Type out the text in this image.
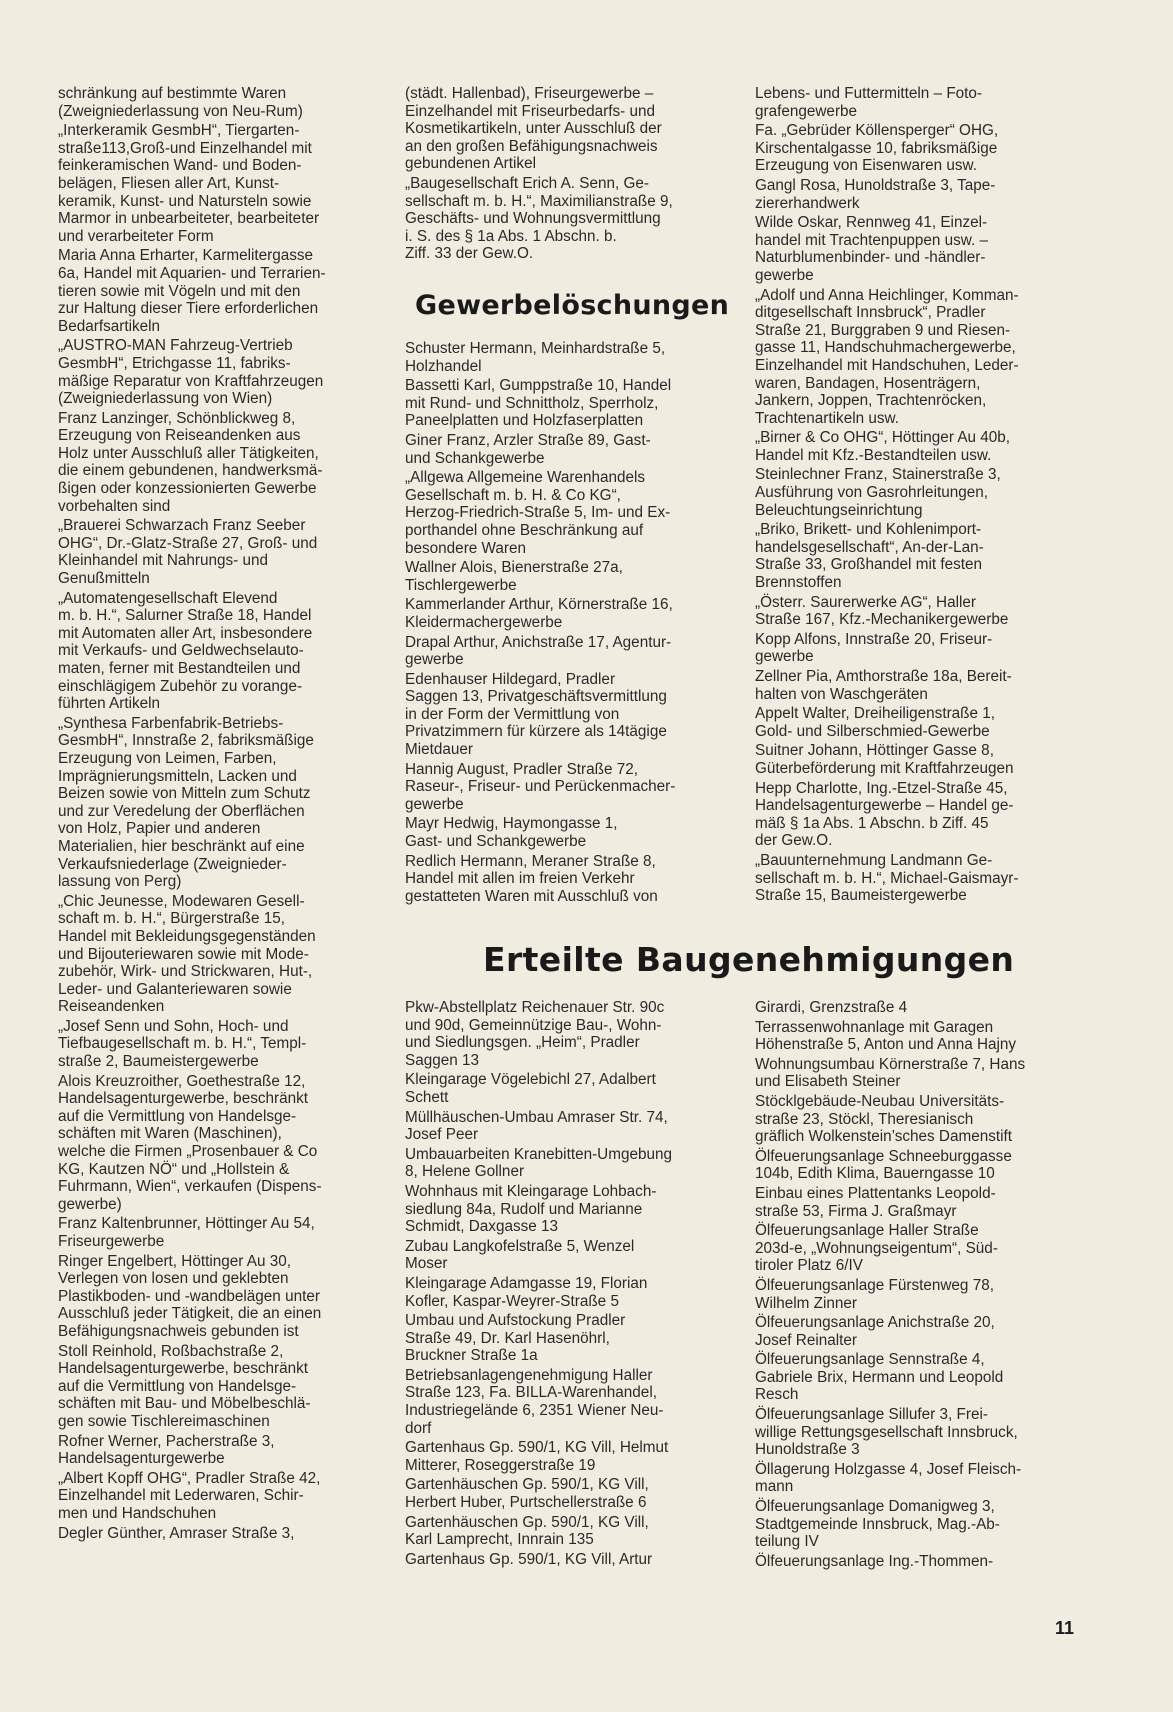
schränkung auf bestimmte Waren
(Zweigniederlassung von Neu-Rum)

„Interkeramik GesmbH“, Tiergarten-
straße113,Groß-und Einzelhandel mit
feinkeramischen Wand- und Boden-
belägen, Fliesen aller Art, Kunst-
keramik, Kunst- und Natursteln sowie
Marmor in unbearbeiteter, bearbeiteter
und verarbeiteter Form

Maria Anna Erharter, Karmelitergasse
6a, Handel mit Aquarien- und Terrarien-
tieren sowie mit Vögeln und mit den
zur Haltung dieser Tiere erforderlichen
Bedarfsartikeln

„AUSTRO-MAN Fahrzeug-Vertrieb
GesmbH“, Etrichgasse 11, fabriks-
mäßige Reparatur von Kraftfahrzeugen
(Zweigniederlassung von Wien)

Franz Lanzinger, Schönblickweg 8,
Erzeugung von Reiseandenken aus
Holz unter Ausschluß aller Tätigkeiten,
die einem gebundenen, handwerksmä-
ßigen oder konzessionierten Gewerbe
vorbehalten sind

„Brauerei Schwarzach Franz Seeber
OHG“, Dr.-Glatz-Straße 27, Groß- und
Kleinhandel mit Nahrungs- und
Genußmitteln

„Automatengesellschaft Elevend
m. b. H.“, Salurner Straße 18, Handel
mit Automaten aller Art, insbesondere
mit Verkaufs- und Geldwechselauto-
maten, ferner mit Bestandteilen und
einschlägigem Zubehör zu vorange-
führten Artikeln

„Synthesa Farbenfabrik-Betriebs-
GesmbH“, Innstraße 2, fabriksmäßige
Erzeugung von Leimen, Farben,
Imprägnierungsmitteln, Lacken und
Beizen sowie von Mitteln zum Schutz
und zur Veredelung der Oberflächen
von Holz, Papier und anderen
Materialien, hier beschränkt auf eine
Verkaufsniederlage (Zweignieder-
lassung von Perg)

„Chic Jeunesse, Modewaren Gesell-
schaft m. b. H.“, Bürgerstraße 15,
Handel mit Bekleidungsgegenständen
und Bijouteriewaren sowie mit Mode-
zubehör, Wirk- und Strickwaren, Hut-,
Leder- und Galanteriewaren sowie
Reiseandenken

„Josef Senn und Sohn, Hoch- und
Tiefbaugesellschaft m. b. H.“, Templ-
straße 2, Baumeistergewerbe

Alois Kreuzroither, Goethestraße 12,
Handelsagenturgewerbe, beschränkt
auf die Vermittlung von Handelsge-
schäften mit Waren (Maschinen),
welche die Firmen „Prosenbauer & Co
KG, Kautzen NÖ“ und „Hollstein &
Fuhrmann, Wien“, verkaufen (Dispens-
gewerbe)

Franz Kaltenbrunner, Höttinger Au 54,
Friseurgewerbe

Ringer Engelbert, Höttinger Au 30,
Verlegen von losen und geklebten
Plastikboden- und -wandbelägen unter
Ausschluß jeder Tätigkeit, die an einen
Befähigungsnachweis gebunden ist

Stoll Reinhold, Roßbachstraße 2,
Handelsagenturgewerbe, beschränkt
auf die Vermittlung von Handelsge-
schäften mit Bau- und Möbelbeschlä-
gen sowie Tischlereimaschinen

Rofner Werner, Pacherstraße 3,
Handelsagenturgewerbe

„Albert Kopff OHG“, Pradler Straße 42,
Einzelhandel mit Lederwaren, Schir-
men und Handschuhen

Degler Günther, Amraser Straße 3,

(städt. Hallenbad), Friseurgewerbe –
Einzelhandel mit Friseurbedarfs- und
Kosmetikartikeln, unter Ausschluß der
an den großen Befähigungsnachweis
gebundenen Artikel

„Baugesellschaft Erich A. Senn, Ge-
sellschaft m. b. H.“, Maximilianstraße 9,
Geschäfts- und Wohnungsvermittlung
i. S. des § 1a Abs. 1 Abschn. b.
Ziff. 33 der Gew.O.

Lebens- und Futtermitteln – Foto-
grafengewerbe

Fa. „Gebrüder Köllensperger“ OHG,
Kirschentalgasse 10, fabriksmäßige
Erzeugung von Eisenwaren usw.

Gangl Rosa, Hunoldstraße 3, Tape-
ziererhandwerk

Wilde Oskar, Rennweg 41, Einzel-
handel mit Trachtenpuppen usw. –
Naturblumenbinder- und -händler-
gewerbe

„Adolf und Anna Heichlinger, Komman-
ditgesellschaft Innsbruck“, Pradler
Straße 21, Burggraben 9 und Riesen-
gasse 11, Handschuhmachergewerbe,
Einzelhandel mit Handschuhen, Leder-
waren, Bandagen, Hosenträgern,
Jankern, Joppen, Trachtenröcken,
Trachtenartikeln usw.

„Birner & Co OHG“, Höttinger Au 40b,
Handel mit Kfz.-Bestandteilen usw.

Steinlechner Franz, Stainerstraße 3,
Ausführung von Gasrohrleitungen,
Beleuchtungseinrichtung

„Briko, Brikett- und Kohlenimport-
handelsgesellschaft“, An-der-Lan-
Straße 33, Großhandel mit festen
Brennstoffen

„Österr. Saurerwerke AG“, Haller
Straße 167, Kfz.-Mechanikergewerbe

Kopp Alfons, Innstraße 20, Friseur-
gewerbe

Zellner Pia, Amthorstraße 18a, Bereit-
halten von Waschgeräten

Appelt Walter, Dreiheiligenstraße 1,
Gold- und Silberschmied-Gewerbe

Suitner Johann, Höttinger Gasse 8,
Güterbeförderung mit Kraftfahrzeugen

Hepp Charlotte, Ing.-Etzel-Straße 45,
Handelsagenturgewerbe – Handel ge-
mäß § 1a Abs. 1 Abschn. b Ziff. 45
der Gew.O.

„Bauunternehmung Landmann Ge-
sellschaft m. b. H.“, Michael-Gaismayr-
Straße 15, Baumeistergewerbe

Gewerbelöschungen

Schuster Hermann, Meinhardstraße 5,
Holzhandel

Bassetti Karl, Gumppstraße 10, Handel
mit Rund- und Schnittholz, Sperrholz,
Paneelplatten und Holzfaserplatten

Giner Franz, Arzler Straße 89, Gast-
und Schankgewerbe

„Allgewa Allgemeine Warenhandels
Gesellschaft m. b. H. & Co KG“,
Herzog-Friedrich-Straße 5, Im- und Ex-
porthandel ohne Beschränkung auf
besondere Waren

Wallner Alois, Bienerstraße 27a,
Tischlergewerbe

Kammerlander Arthur, Körnerstraße 16,
Kleidermachergewerbe

Drapal Arthur, Anichstraße 17, Agentur-
gewerbe

Edenhauser Hildegard, Pradler
Saggen 13, Privatgeschäftsvermittlung
in der Form der Vermittlung von
Privatzimmern für kürzere als 14tägige
Mietdauer

Hannig August, Pradler Straße 72,
Raseur-, Friseur- und Perückenmacher-
gewerbe

Mayr Hedwig, Haymongasse 1,
Gast- und Schankgewerbe

Redlich Hermann, Meraner Straße 8,
Handel mit allen im freien Verkehr
gestatteten Waren mit Ausschluß von

Erteilte Baugenehmigungen

Pkw-Abstellplatz Reichenauer Str. 90c
und 90d, Gemeinnützige Bau-, Wohn-
und Siedlungsgen. „Heim“, Pradler
Saggen 13

Kleingarage Vögelebichl 27, Adalbert
Schett

Müllhäuschen-Umbau Amraser Str. 74,
Josef Peer

Umbauarbeiten Kranebitten-Umgebung
8, Helene Gollner

Wohnhaus mit Kleingarage Lohbach-
siedlung 84a, Rudolf und Marianne
Schmidt, Daxgasse 13

Zubau Langkofelstraße 5, Wenzel
Moser

Kleingarage Adamgasse 19, Florian
Kofler, Kaspar-Weyrer-Straße 5

Umbau und Aufstockung Pradler
Straße 49, Dr. Karl Hasenöhrl,
Bruckner Straße 1a

Betriebsanlagengenehmigung Haller
Straße 123, Fa. BILLA-Warenhandel,
Industriegelände 6, 2351 Wiener Neu-
dorf

Gartenhaus Gp. 590/1, KG Vill, Helmut
Mitterer, Roseggerstraße 19

Gartenhäuschen Gp. 590/1, KG Vill,
Herbert Huber, Purtschellerstraße 6

Gartenhäuschen Gp. 590/1, KG Vill,
Karl Lamprecht, Innrain 135

Gartenhaus Gp. 590/1, KG Vill, Artur

Girardi, Grenzstraße 4

Terrassenwohnanlage mit Garagen
Höhenstraße 5, Anton und Anna Hajny

Wohnungsumbau Körnerstraße 7, Hans
und Elisabeth Steiner

Stöcklgebäude-Neubau Universitäts-
straße 23, Stöckl, Theresianisch
gräflich Wolkenstein’sches Damenstift

Ölfeuerungsanlage Schneeburggasse
104b, Edith Klima, Bauerngasse 10

Einbau eines Plattentanks Leopold-
straße 53, Firma J. Graßmayr

Ölfeuerungsanlage Haller Straße
203d-e, „Wohnungseigentum“, Süd-
tiroler Platz 6/IV

Ölfeuerungsanlage Fürstenweg 78,
Wilhelm Zinner

Ölfeuerungsanlage Anichstraße 20,
Josef Reinalter

Ölfeuerungsanlage Sennstraße 4,
Gabriele Brix, Hermann und Leopold
Resch

Ölfeuerungsanlage Sillufer 3, Frei-
willige Rettungsgesellschaft Innsbruck,
Hunoldstraße 3

Öllagerung Holzgasse 4, Josef Fleisch-
mann

Ölfeuerungsanlage Domanigweg 3,
Stadtgemeinde Innsbruck, Mag.-Ab-
teilung IV

Ölfeuerungsanlage Ing.-Thommen-

11
